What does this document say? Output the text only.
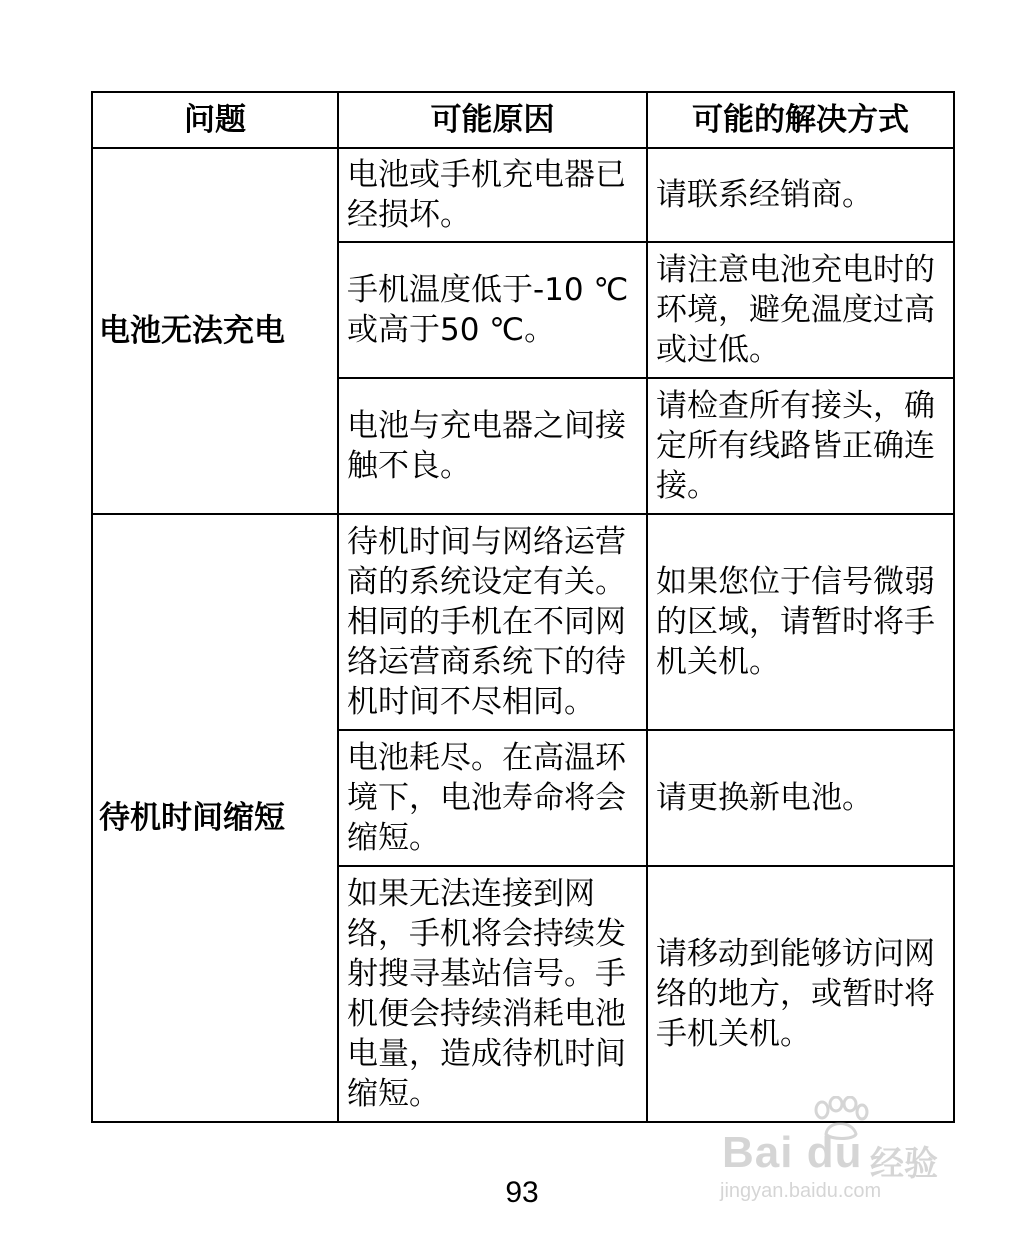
问题	可能原因	可能的解决方式
电池无法充电	电池或手机充电器已经损坏。	请联系经销商。
	手机温度低于-10 ℃或高于50 ℃。	请注意电池充电时的环境，避免温度过高或过低。
	电池与充电器之间接触不良。	请检查所有接头，确定所有线路皆正确连接。
待机时间缩短	待机时间与网络运营商的系统设定有关。相同的手机在不同网络运营商系统下的待机时间不尽相同。	如果您位于信号微弱的区域，请暂时将手机关机。
	电池耗尽。在高温环境下，电池寿命将会缩短。	请更换新电池。
	如果无法连接到网络，手机将会持续发射搜寻基站信号。手机便会持续消耗电池电量，造成待机时间缩短。	请移动到能够访问网络的地方，或暂时将手机关机。
93
Bai du 经验
jingyan.baidu.com
